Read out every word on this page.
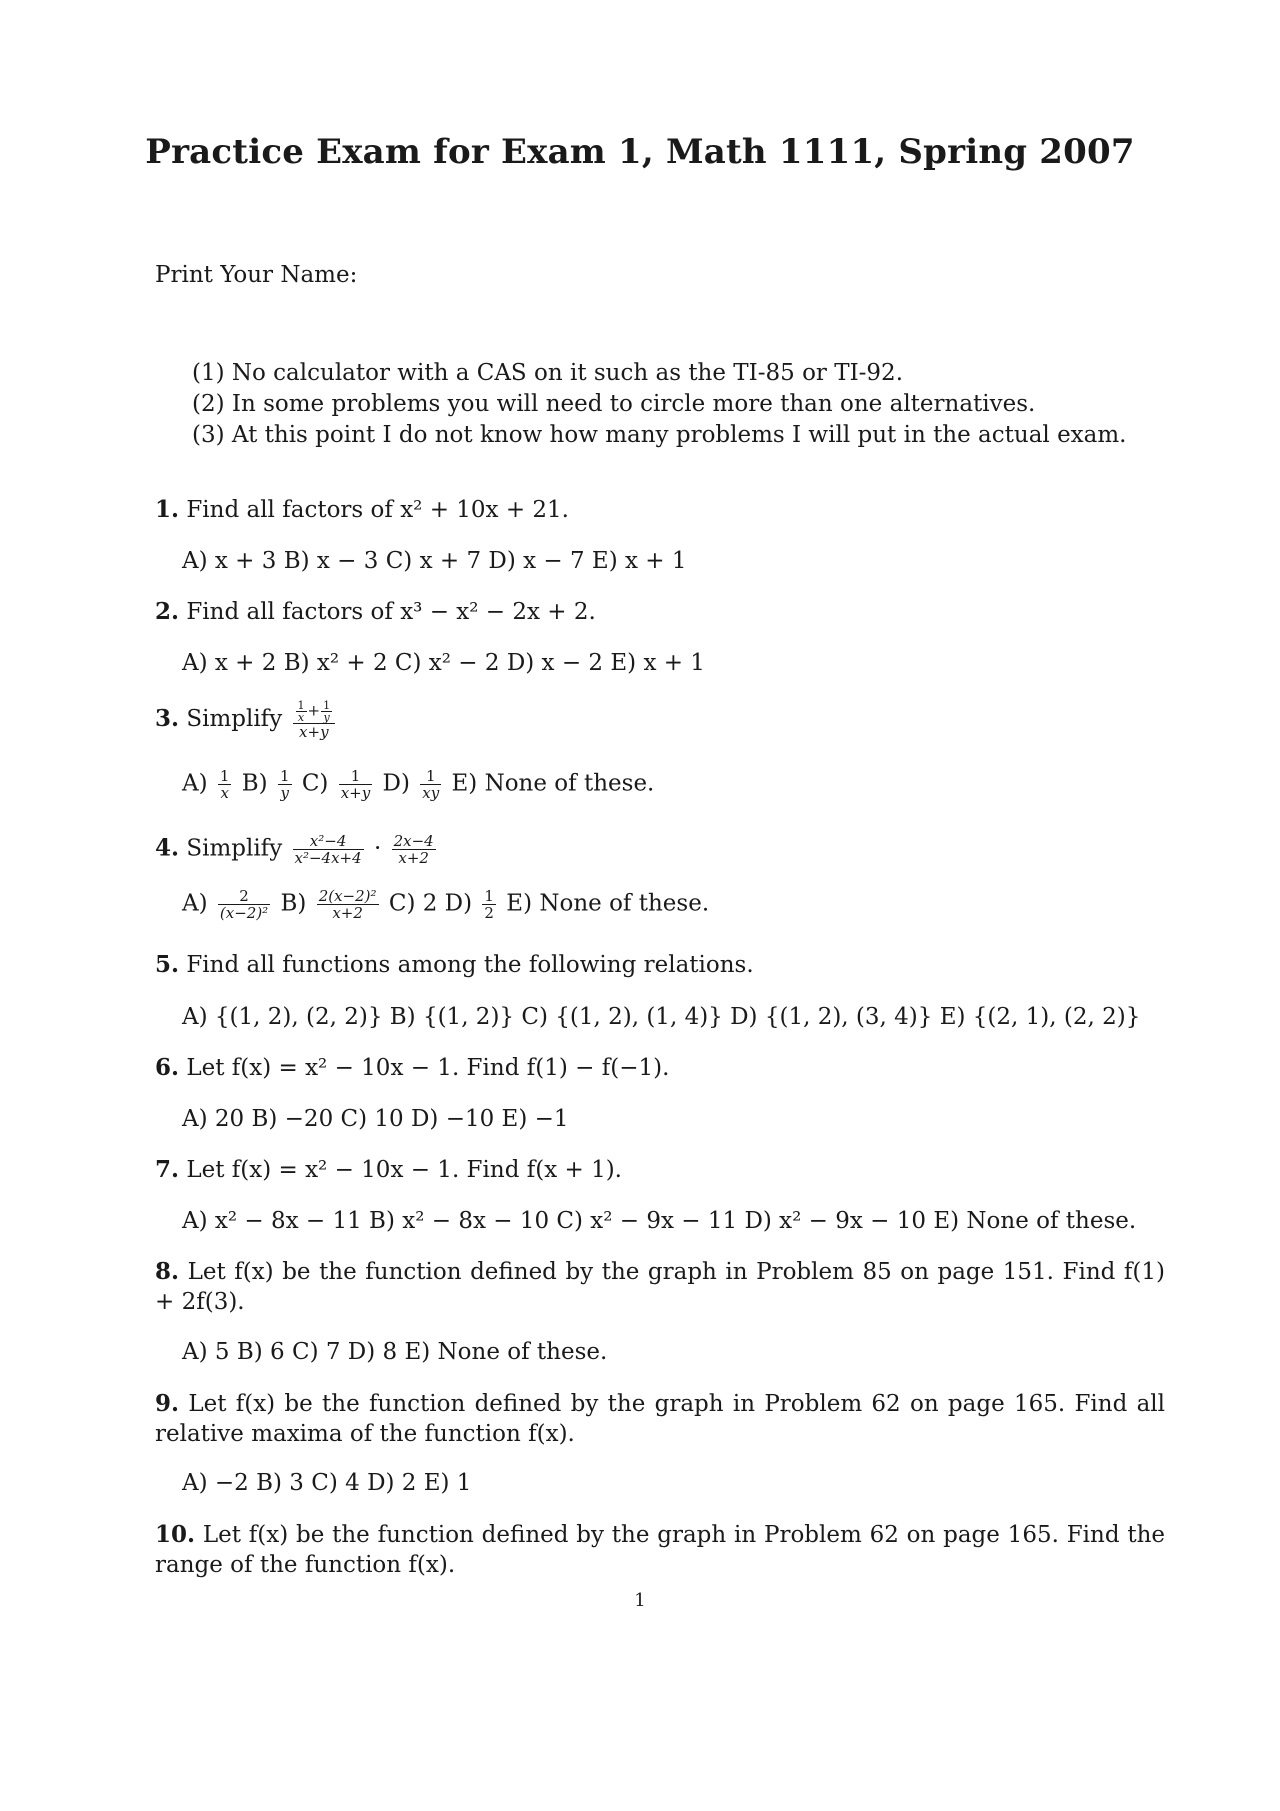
Practice Exam for Exam 1, Math 1111, Spring 2007
Print Your Name:
(1) No calculator with a CAS on it such as the TI-85 or TI-92.
(2) In some problems you will need to circle more than one alternatives.
(3) At this point I do not know how many problems I will put in the actual exam.
1. Find all factors of x² + 10x + 21.
A) x + 3 B) x − 3 C) x + 7 D) x − 7 E) x + 1
2. Find all factors of x³ − x² − 2x + 2.
A) x + 2 B) x² + 2 C) x² − 2 D) x − 2 E) x + 1
3. Simplify $\frac{\frac{1}{x} + \frac{1}{y}}{x+y}$
$A) \frac{1}{x} B) \frac{1}{y} C) \frac{1}{x+y} D) \frac{1}{xy} E$) None of these.
4. Simplify $\frac{\text{x²−4}}{\text{x²−4x+4}} \cdot \frac{2x-4}{x+2}$
$A) \frac{2}{\text{(x−2)²}} B) \frac{\text{2(x−2)²}}{x+2} C$) 2 $D) \frac{1}{2} E$) None of these.
5. Find all functions among the following relations.
A) {(1, 2), (2, 2)} B) {(1, 2)} C) {(1, 2), (1, 4)} D) {(1, 2), (3, 4)} E) {(2, 1), (2, 2)}
6. Let f(x) = x² − 10x − 1. Find f(1) − f(−1).
A) 20 B) −20 C) 10 D) −10 E) −1
7. Let f(x) = x² − 10x − 1. Find f(x + 1).
A) x² − 8x − 11 B) x² − 8x − 10 C) x² − 9x − 11 D) x² − 9x − 10 E) None of these.
8. Let f(x) be the function defined by the graph in Problem 85 on page 151. Find f(1) + 2f(3).
A) 5 B) 6 C) 7 D) 8 E) None of these.
9. Let f(x) be the function defined by the graph in Problem 62 on page 165. Find all relative maxima of the function f(x).
A) −2 B) 3 C) 4 D) 2 E) 1
10. Let f(x) be the function defined by the graph in Problem 62 on page 165. Find the range of the function f(x).
1
